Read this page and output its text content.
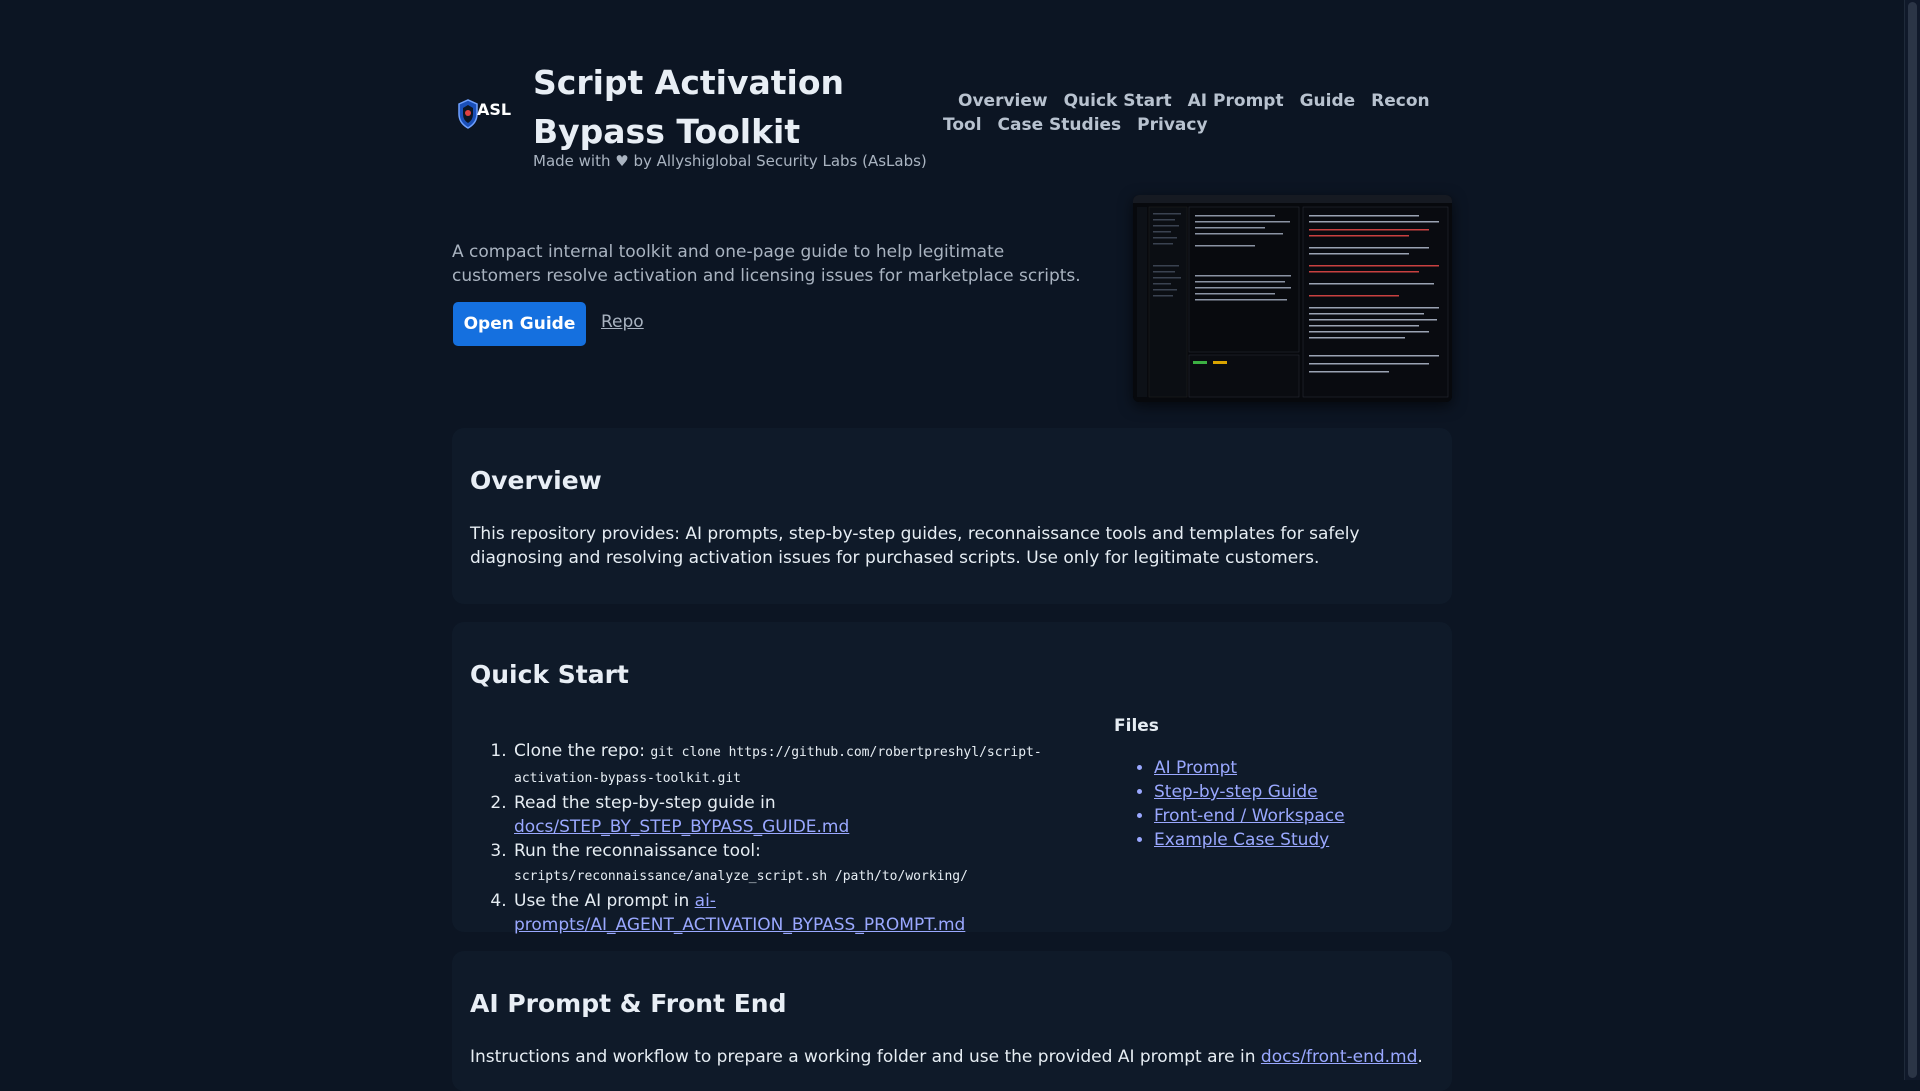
ASL
Script Activation Bypass Toolkit
Made with ♥ by Allyshiglobal Security Labs (AsLabs)
Overview Quick Start AI Prompt Guide Recon
Tool Case Studies Privacy

A compact internal toolkit and one-page guide to help legitimate customers resolve activation and licensing issues for marketplace scripts.

Open Guide	Repo
Overview

This repository provides: AI prompts, step-by-step guides, reconnaissance tools and templates for safely diagnosing and resolving activation issues for purchased scripts. Use only for legitimate customers.

Quick Start
1. Clone the repo: git clone https://github.com/robertpreshyl/script-activation-bypass-toolkit.git
2. Read the step-by-step guide in docs/STEP_BY_STEP_BYPASS_GUIDE.md
3. Run the reconnaissance tool: scripts/reconnaissance/analyze_script.sh /path/to/working/
4. Use the AI prompt in ai-
prompts/AI_AGENT_ACTIVATION_BYPASS_PROMPT.md
Files
• AI Prompt
• Step-by-step Guide
• Front-end / Workspace
• Example Case Study
AI Prompt & Front End

Instructions and workflow to prepare a working folder and use the provided AI prompt are in docs/front-end.md.
